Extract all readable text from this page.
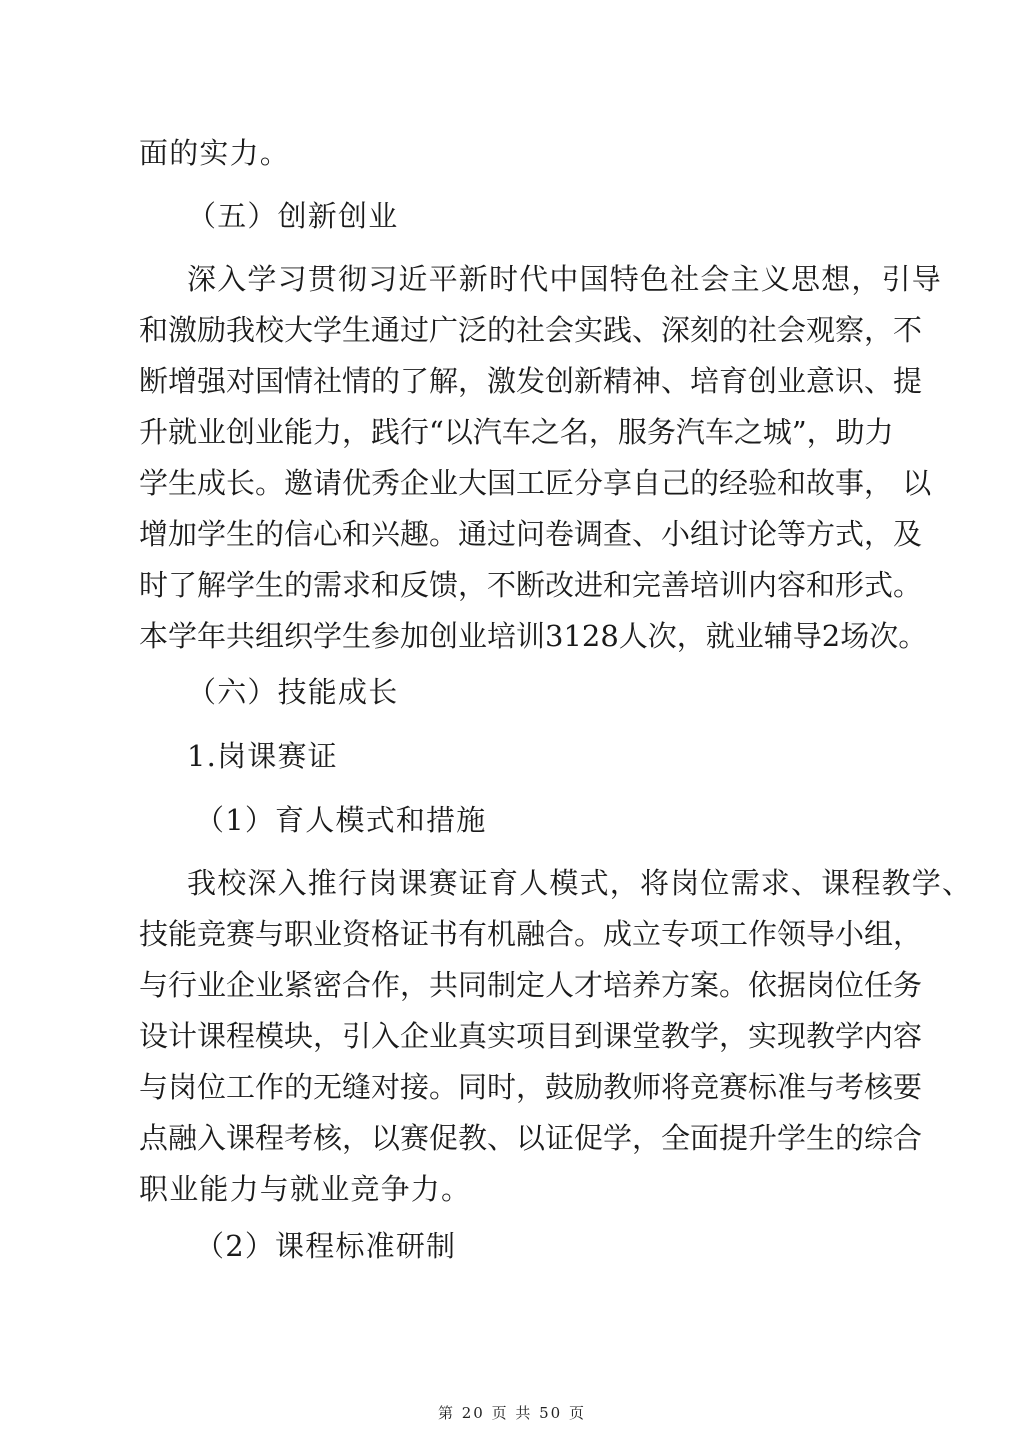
面的实力。
（五）创新创业
深入学习贯彻习近平新时代中国特色社会主义思想，引导
和激励我校大学生通过广泛的社会实践、深刻的社会观察，不
断增强对国情社情的了解，激发创新精神、培育创业意识、提
升就业创业能力，践行“以汽车之名，服务汽车之城”，助力
学生成长。邀请优秀企业大国工匠分享自己的经验和故事， 以
增加学生的信心和兴趣。通过问卷调查、小组讨论等方式，及
时了解学生的需求和反馈，不断改进和完善培训内容和形式。
本学年共组织学生参加创业培训3128人次，就业辅导2场次。
（六）技能成长
1.岗课赛证
（1）育人模式和措施
我校深入推行岗课赛证育人模式，将岗位需求、课程教学、
技能竞赛与职业资格证书有机融合。成立专项工作领导小组，
与行业企业紧密合作，共同制定人才培养方案。依据岗位任务
设计课程模块，引入企业真实项目到课堂教学，实现教学内容
与岗位工作的无缝对接。同时，鼓励教师将竞赛标准与考核要
点融入课程考核，以赛促教、以证促学，全面提升学生的综合
职业能力与就业竞争力。
（2）课程标准研制
第 20 页 共 50 页
